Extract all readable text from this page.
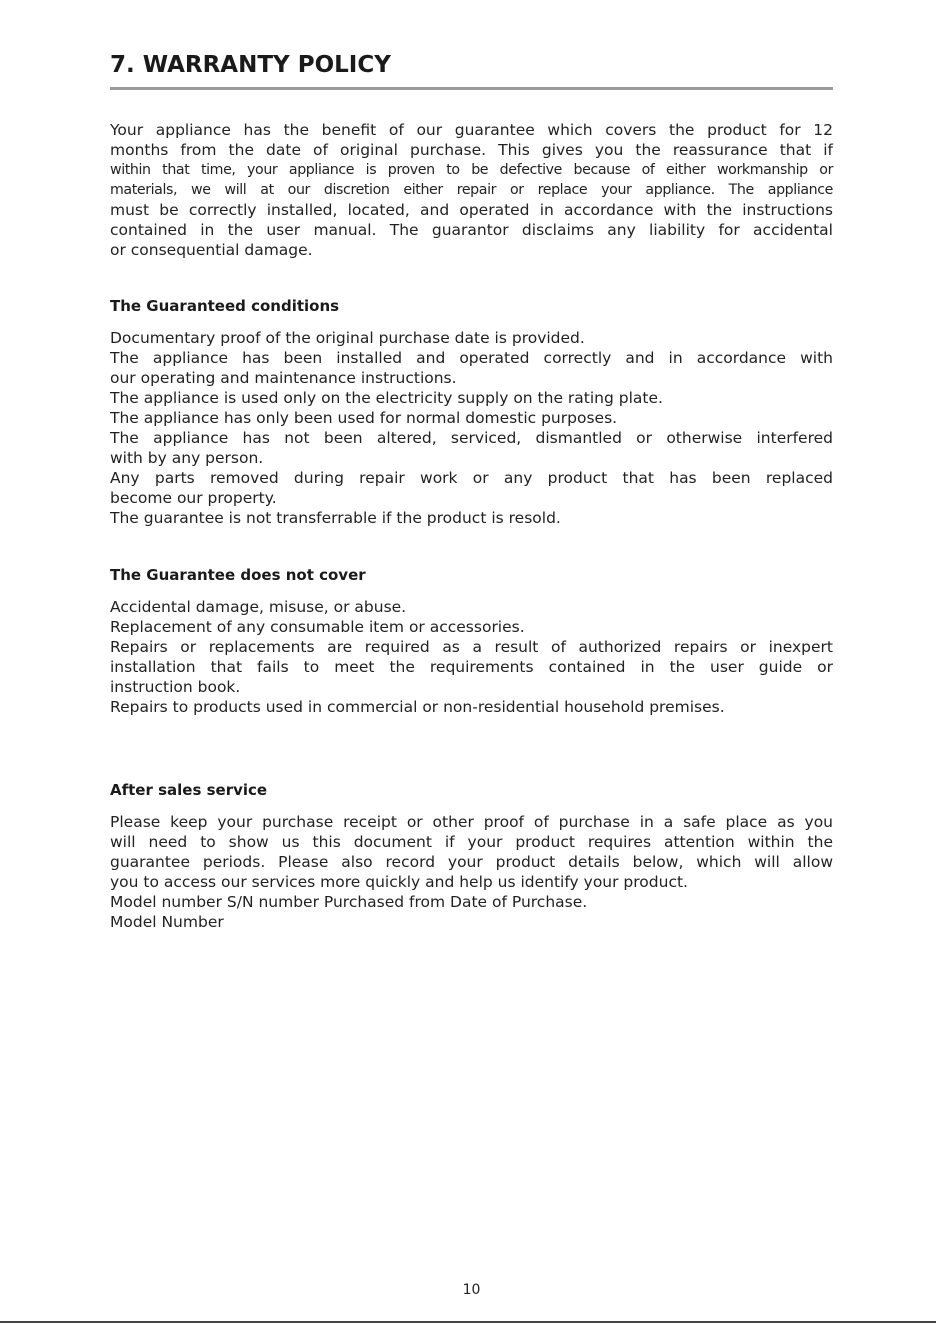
7. WARRANTY POLICY
Your appliance has the benefit of our guarantee which covers the product for 12
months from the date of original purchase. This gives you the reassurance that if
within that time, your appliance is proven to be defective because of either workmanship or
materials, we will at our discretion either repair or replace your appliance. The appliance
must be correctly installed, located, and operated in accordance with the instructions
contained in the user manual. The guarantor disclaims any liability for accidental
or consequential damage.
The Guaranteed conditions
Documentary proof of the original purchase date is provided.
The appliance has been installed and operated correctly and in accordance with
our operating and maintenance instructions.
The appliance is used only on the electricity supply on the rating plate.
The appliance has only been used for normal domestic purposes.
The appliance has not been altered, serviced, dismantled or otherwise interfered
with by any person.
Any parts removed during repair work or any product that has been replaced
become our property.
The guarantee is not transferrable if the product is resold.
The Guarantee does not cover
Accidental damage, misuse, or abuse.
Replacement of any consumable item or accessories.
Repairs or replacements are required as a result of authorized repairs or inexpert
installation that fails to meet the requirements contained in the user guide or
instruction book.
Repairs to products used in commercial or non-residential household premises.
After sales service
Please keep your purchase receipt or other proof of purchase in a safe place as you
will need to show us this document if your product requires attention within the
guarantee periods. Please also record your product details below, which will allow
you to access our services more quickly and help us identify your product.
Model number S/N number Purchased from Date of Purchase.
Model Number
10
